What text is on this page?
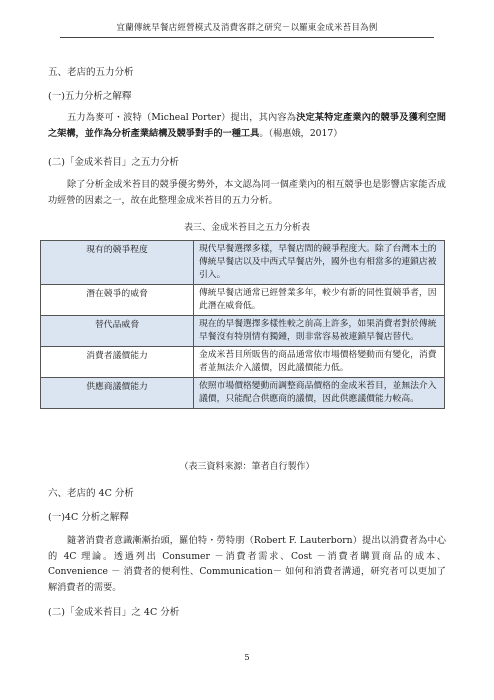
宜蘭傳統早餐店經營模式及消費客群之研究－以羅東金成米苔目為例
五、老店的五力分析
(一)五力分析之解釋

五力為麥可・波特（Micheal Porter）提出，其內容為決定某特定產業內的競爭及獲利空間之架構，並作為分析產業結構及競爭對手的一種工具。（楊惠娥，2017）

(二)「金成米苔目」之五力分析

除了分析金成米苔目的競爭優劣勢外，本文認為同一個產業內的相互競爭也是影響店家能否成功經營的因素之一，故在此整理金成米苔目的五力分析。

表三、金成米苔目之五力分析表
現有的競爭程度	現代早餐選擇多樣，早餐店間的競爭程度大。除了台灣本土的傳統早餐店以及中西式早餐店外，國外也有相當多的連鎖店被引入。
潛在競爭的威脅	傳統早餐店通常已經營業多年，較少有新的同性質競爭者，因此潛在威脅低。
替代品威脅	現在的早餐選擇多樣性較之前高上許多，如果消費者對於傳統早餐沒有特別情有獨鍾，則非常容易被連鎖早餐店替代。
消費者議價能力	金成米苔目所販售的商品通常依市場價格變動而有變化，消費者並無法介入議價，因此議價能力低。
供應商議價能力	依照市場價格變動而調整商品價格的金成米苔目，並無法介入議價，只能配合供應商的議價，因此供應議價能力較高。
（表三資料來源：筆者自行製作）
六、老店的 4C 分析
(一)4C 分析之解釋

隨著消費者意識漸漸抬頭，羅伯特・勞特朋（Robert F. Lauterborn）提出以消費者為中心的 4C 理論。透過列出 Consumer －消費者需求、Cost －消費者購買商品的成本、Convenience － 消費者的便利性、Communication－ 如何和消費者溝通，研究者可以更加了解消費者的需要。

(二)「金成米苔目」之 4C 分析
5
